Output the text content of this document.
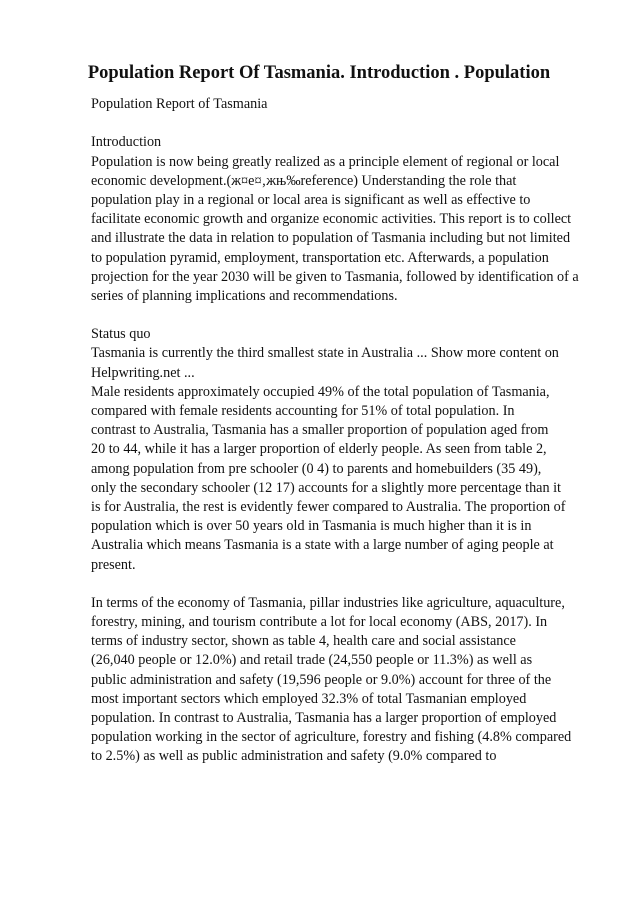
Population Report Of Tasmania. Introduction . Population
Population Report of Tasmania
Introduction
Population is now being greatly realized as a principle element of regional or local
economic development.(ж¤е¤‚жњ‰reference) Understanding the role that
population play in a regional or local area is significant as well as effective to
facilitate economic growth and organize economic activities. This report is to collect
and illustrate the data in relation to population of Tasmania including but not limited
to population pyramid, employment, transportation etc. Afterwards, a population
projection for the year 2030 will be given to Tasmania, followed by identification of a
series of planning implications and recommendations.
Status quo
Tasmania is currently the third smallest state in Australia ... Show more content on
Helpwriting.net ...
Male residents approximately occupied 49% of the total population of Tasmania,
compared with female residents accounting for 51% of total population. In
contrast to Australia, Tasmania has a smaller proportion of population aged from
20 to 44, while it has a larger proportion of elderly people. As seen from table 2,
among population from pre schooler (0 4) to parents and homebuilders (35 49),
only the secondary schooler (12 17) accounts for a slightly more percentage than it
is for Australia, the rest is evidently fewer compared to Australia. The proportion of
population which is over 50 years old in Tasmania is much higher than it is in
Australia which means Tasmania is a state with a large number of aging people at
present.
In terms of the economy of Tasmania, pillar industries like agriculture, aquaculture,
forestry, mining, and tourism contribute a lot for local economy (ABS, 2017). In
terms of industry sector, shown as table 4, health care and social assistance
(26,040 people or 12.0%) and retail trade (24,550 people or 11.3%) as well as
public administration and safety (19,596 people or 9.0%) account for three of the
most important sectors which employed 32.3% of total Tasmanian employed
population. In contrast to Australia, Tasmania has a larger proportion of employed
population working in the sector of agriculture, forestry and fishing (4.8% compared
to 2.5%) as well as public administration and safety (9.0% compared to
